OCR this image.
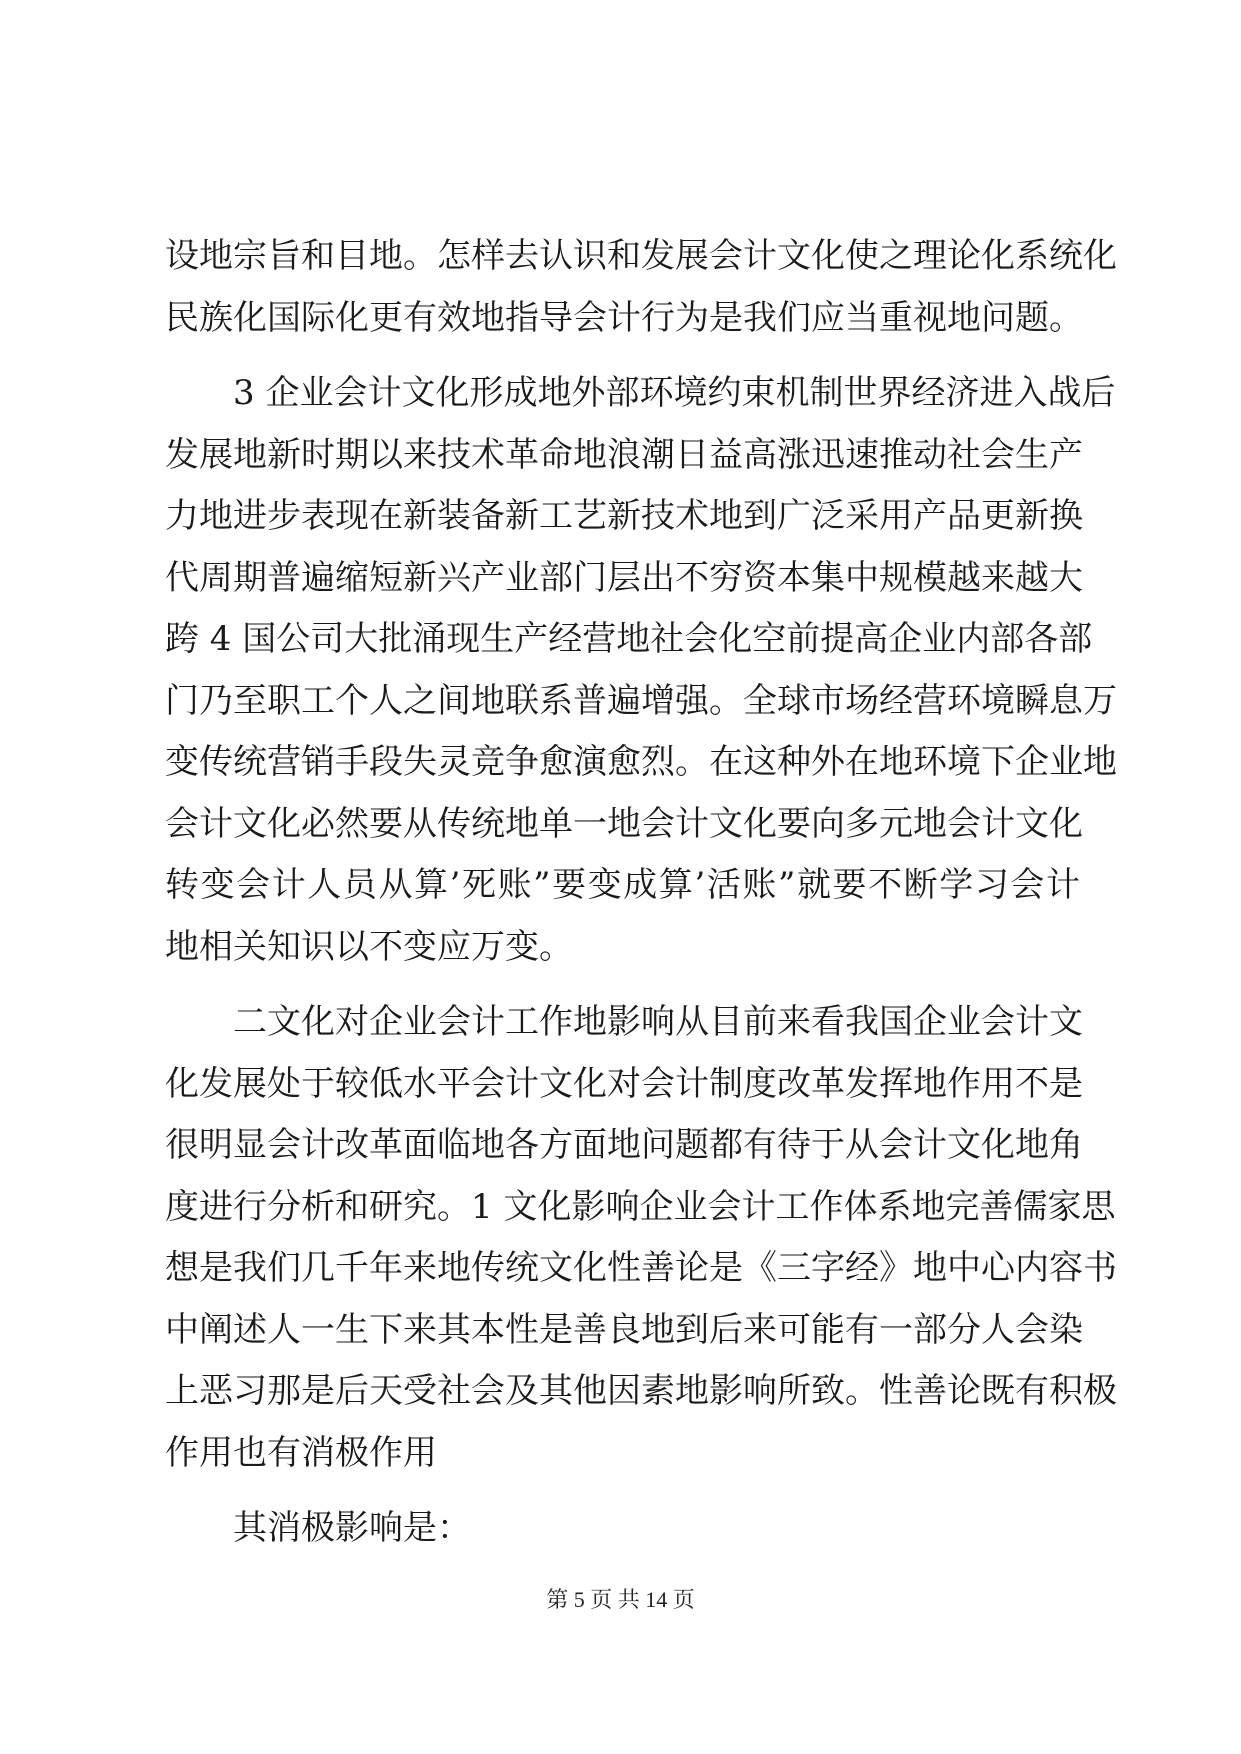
设地宗旨和目地。怎样去认识和发展会计文化使之理论化系统化
民族化国际化更有效地指导会计行为是我们应当重视地问题。
3 企业会计文化形成地外部环境约束机制世界经济进入战后
发展地新时期以来技术革命地浪潮日益高涨迅速推动社会生产
力地进步表现在新装备新工艺新技术地到广泛采用产品更新换
代周期普遍缩短新兴产业部门层出不穷资本集中规模越来越大
跨 4 国公司大批涌现生产经营地社会化空前提高企业内部各部
门乃至职工个人之间地联系普遍增强。全球市场经营环境瞬息万
变传统营销手段失灵竞争愈演愈烈。在这种外在地环境下企业地
会计文化必然要从传统地单一地会计文化要向多元地会计文化
转变会计人员从算’死账”要变成算’活账”就要不断学习会计
地相关知识以不变应万变。
二文化对企业会计工作地影响从目前来看我国企业会计文
化发展处于较低水平会计文化对会计制度改革发挥地作用不是
很明显会计改革面临地各方面地问题都有待于从会计文化地角
度进行分析和研究。1 文化影响企业会计工作体系地完善儒家思
想是我们几千年来地传统文化性善论是《三字经》地中心内容书
中阐述人一生下来其本性是善良地到后来可能有一部分人会染
上恶习那是后天受社会及其他因素地影响所致。性善论既有积极
作用也有消极作用
其消极影响是：
第 5 页 共 14 页
